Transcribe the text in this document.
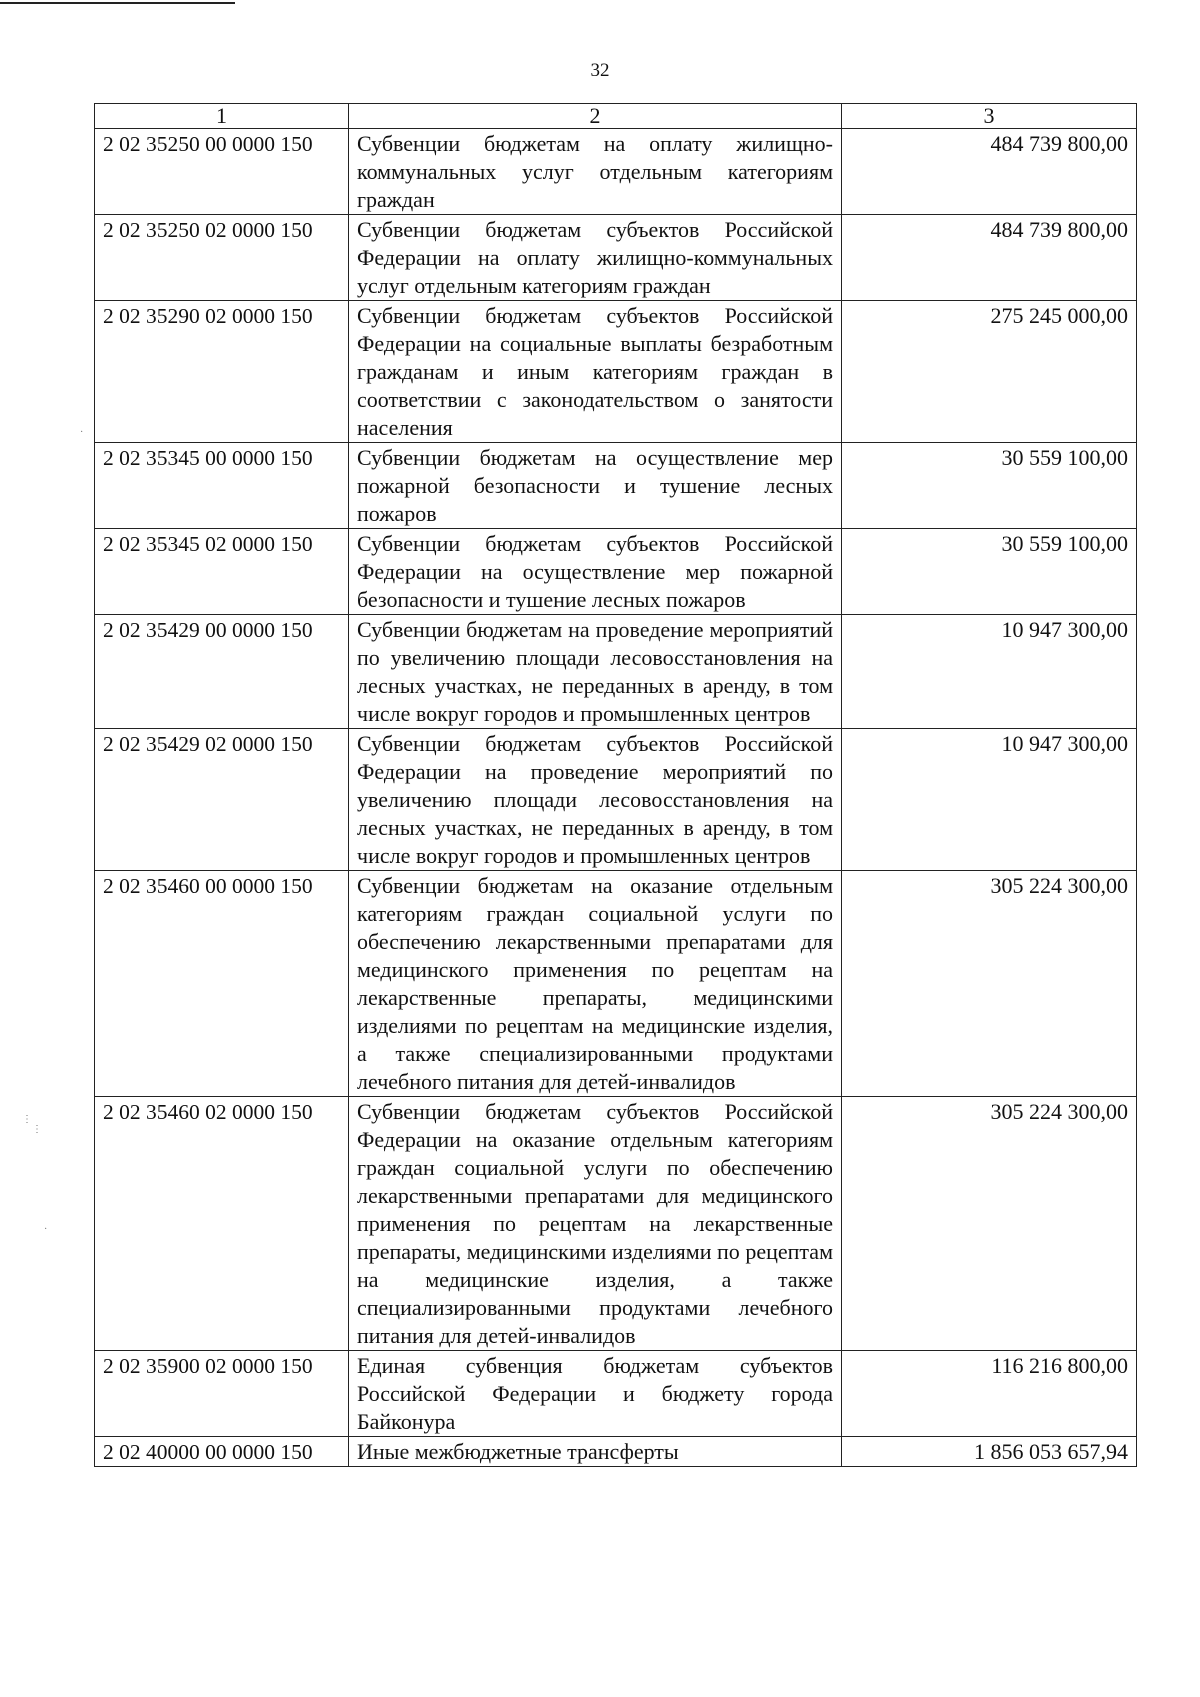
32
1	2	3
2 02 35250 00 0000 150	Субвенции бюджетам на оплату жилищно-коммунальных услуг отдельным категориям граждан	484 739 800,00
2 02 35250 02 0000 150	Субвенции бюджетам субъектов Российской Федерации на оплату жилищно-коммунальных услуг отдельным категориям граждан	484 739 800,00
2 02 35290 02 0000 150	Субвенции бюджетам субъектов Российской Федерации на социальные выплаты безработным гражданам и иным категориям граждан в соответствии с законодательством о занятости населения	275 245 000,00
2 02 35345 00 0000 150	Субвенции бюджетам на осуществление мер пожарной безопасности и тушение лесных пожаров	30 559 100,00
2 02 35345 02 0000 150	Субвенции бюджетам субъектов Российской Федерации на осуществление мер пожарной безопасности и тушение лесных пожаров	30 559 100,00
2 02 35429 00 0000 150	Субвенции бюджетам на проведение мероприятий по увеличению площади лесовосстановления на лесных участках, не переданных в аренду, в том числе вокруг городов и промышленных центров	10 947 300,00
2 02 35429 02 0000 150	Субвенции бюджетам субъектов Российской Федерации на проведение мероприятий по увеличению площади лесовосстановления на лесных участках, не переданных в аренду, в том числе вокруг городов и промышленных центров	10 947 300,00
2 02 35460 00 0000 150	Субвенции бюджетам на оказание отдельным категориям граждан социальной услуги по обеспечению лекарственными препаратами для медицинского применения по рецептам на лекарственные препараты, медицинскими изделиями по рецептам на медицинские изделия, а также специализированными продуктами лечебного питания для детей-инвалидов	305 224 300,00
2 02 35460 02 0000 150	Субвенции бюджетам субъектов Российской Федерации на оказание отдельным категориям граждан социальной услуги по обеспечению лекарственными препаратами для медицинского применения по рецептам на лекарственные препараты, медицинскими изделиями по рецептам на медицинские изделия, а также специализированными продуктами лечебного питания для детей-инвалидов	305 224 300,00
2 02 35900 02 0000 150	Единая субвенция бюджетам субъектов Российской Федерации и бюджету города Байконура	116 216 800,00
2 02 40000 00 0000 150	Иные межбюджетные трансферты	1 856 053 657,94
⋮
⋮
·
·
